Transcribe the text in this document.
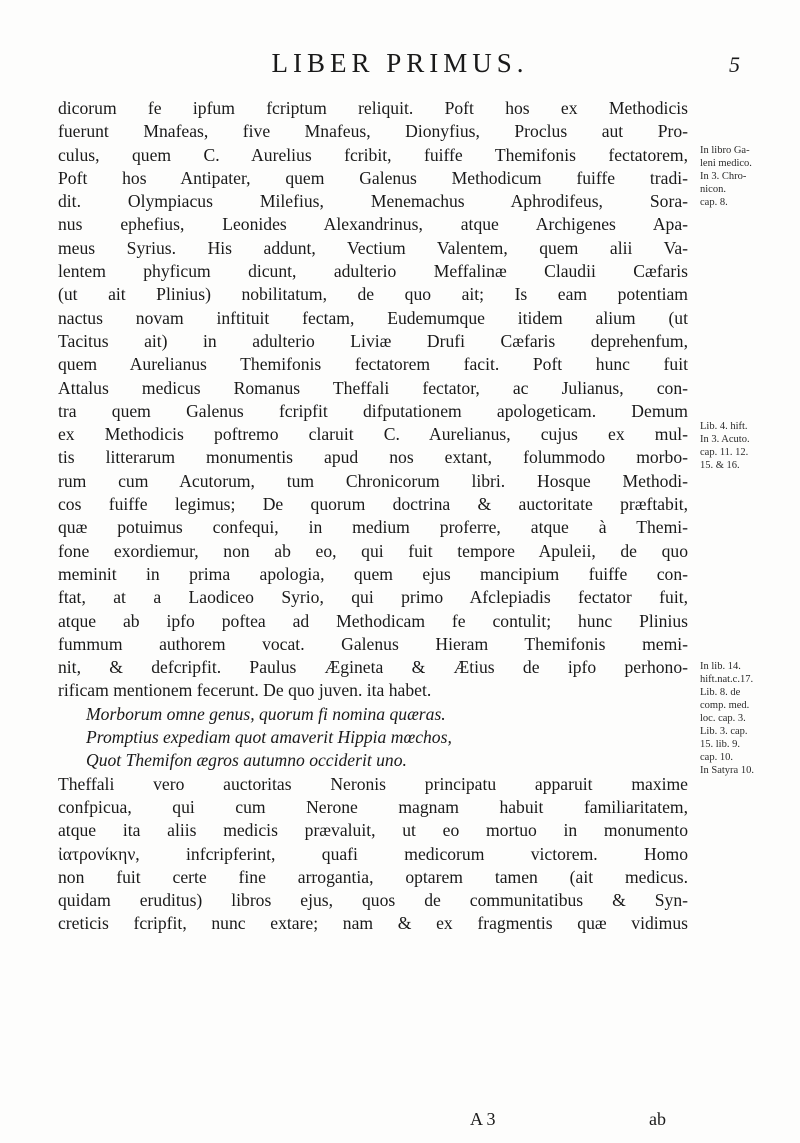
LIBER PRIMUS.	5
dicorum fe ipfum fcriptum reliquit. Poft hos ex Methodicis
fuerunt Mnafeas, five Mnafeus, Dionyfius, Proclus aut Pro-
culus, quem C. Aurelius fcribit, fuiffe Themifonis fectatorem,
Poft hos Antipater, quem Galenus Methodicum fuiffe tradi-
dit. Olympiacus Milefius, Menemachus Aphrodifeus, Sora-
nus ephefius, Leonides Alexandrinus, atque Archigenes Apa-
meus Syrius. His addunt, Vectium Valentem, quem alii Va-
lentem phyficum dicunt, adulterio Meffalinæ Claudii Cæfaris
(ut ait Plinius) nobilitatum, de quo ait; Is eam potentiam
nactus novam inftituit fectam, Eudemumque itidem alium (ut
Tacitus ait) in adulterio Liviæ Drufi Cæfaris deprehenfum,
quem Aurelianus Themifonis fectatorem facit. Poft hunc fuit
Attalus medicus Romanus Theffali fectator, ac Julianus, con-
tra quem Galenus fcripfit difputationem apologeticam. Demum
ex Methodicis poftremo claruit C. Aurelianus, cujus ex mul-
tis litterarum monumentis apud nos extant, folummodo morbo-
rum cum Acutorum, tum Chronicorum libri. Hosque Methodi-
cos fuiffe legimus; De quorum doctrina & auctoritate præftabit,
quæ potuimus confequi, in medium proferre, atque à Themi-
fone exordiemur, non ab eo, qui fuit tempore Apuleii, de quo
meminit in prima apologia, quem ejus mancipium fuiffe con-
ftat, at a Laodiceo Syrio, qui primo Afclepiadis fectator fuit,
atque ab ipfo poftea ad Methodicam fe contulit; hunc Plinius
fummum authorem vocat. Galenus Hieram Themifonis memi-
nit, & defcripfit. Paulus Ægineta & Ætius de ipfo perhono-
rificam mentionem fecerunt. De quo juven. ita habet.
Morborum omne genus, quorum fi nomina quæras.
Promptius expediam quot amaverit Hippia mœchos,
Quot Themifon ægros autumno occiderit uno.
Theffali vero auctoritas Neronis principatu apparuit maxime
confpicua, qui cum Nerone magnam habuit familiaritatem,
atque ita aliis medicis prævaluit, ut eo mortuo in monumento
ἰατρονίκην, infcripferint, quafi medicorum victorem. Homo
non fuit certe fine arrogantia, optarem tamen (ait medicus.
quidam eruditus) libros ejus, quos de communitatibus & Syn-
creticis fcripfit, nunc extare; nam & ex fragmentis quæ vidimus
A 3	ab
In libro Ga-
leni medico.
In 3. Chro-
nicon.
cap. 8.
Lib. 4. hift.
In 3. Acuto.
cap. 11. 12.
15. & 16.
In lib. 14.
hift.nat.c.17.
Lib. 8. de
comp. med.
loc. cap. 3.
Lib. 3. cap.
15. lib. 9.
cap. 10.
In Satyra 10.
